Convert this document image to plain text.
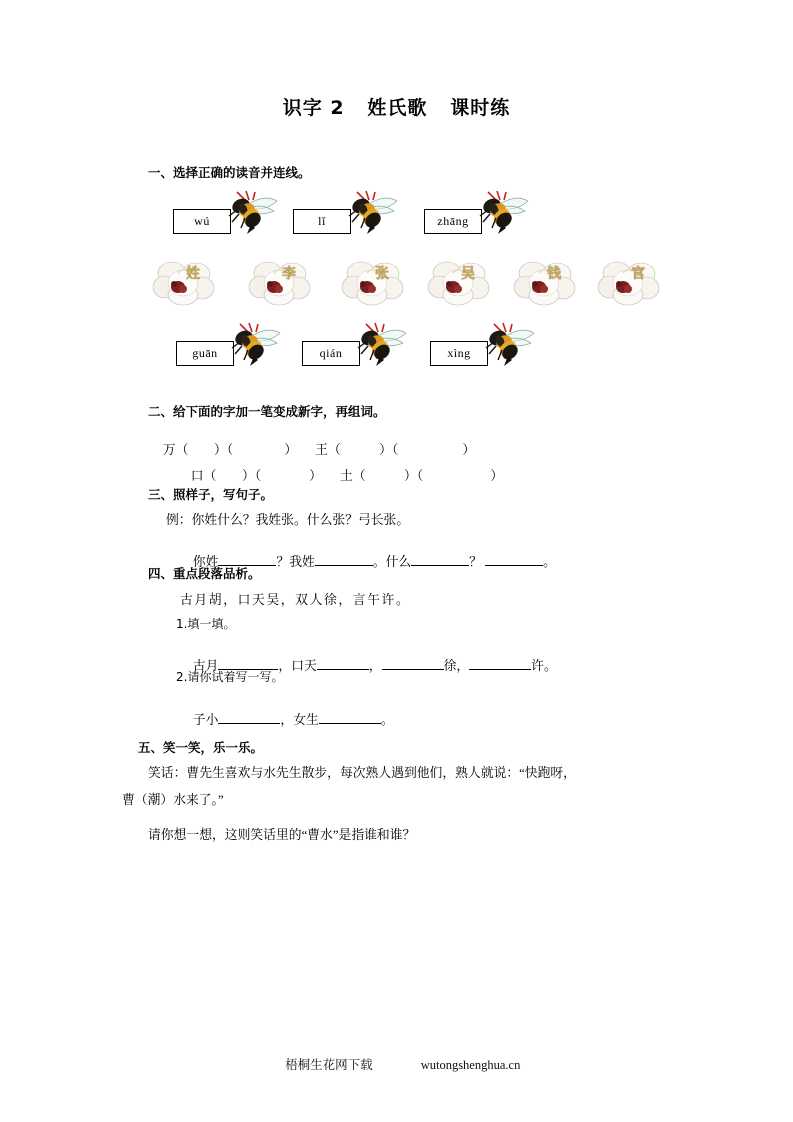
识字 2   姓氏歌   课时练
一、选择正确的读音并连线。
wú	lǐ	zhāng
姓	李	张	吴	钱	官
guān	qián	xìng
二、给下面的字加一笔变成新字，再组词。

万（        ）（                ） 王（            ）（                    ）

口（        ）（               ） 土（            ）（                     ）

三、照样子，写句子。
例：你姓什么？我姓张。什么张？弓长张。

你姓	？我姓	。什么	？	。

四、重点段落品析。
古月胡，口天吴，双人徐，言午许。
1.填一填。

古月	，口天	，	徐，	许。

2.请你试着写一写。

子小	，女生	。

五、笑一笑，乐一乐。
笑话：曹先生喜欢与水先生散步，每次熟人遇到他们，熟人就说：“快跑呀，
曹（潮）水来了。”
请你想一想，这则笑话里的“曹水”是指谁和谁？

梧桐生花网下载	wutongshenghua.cn
